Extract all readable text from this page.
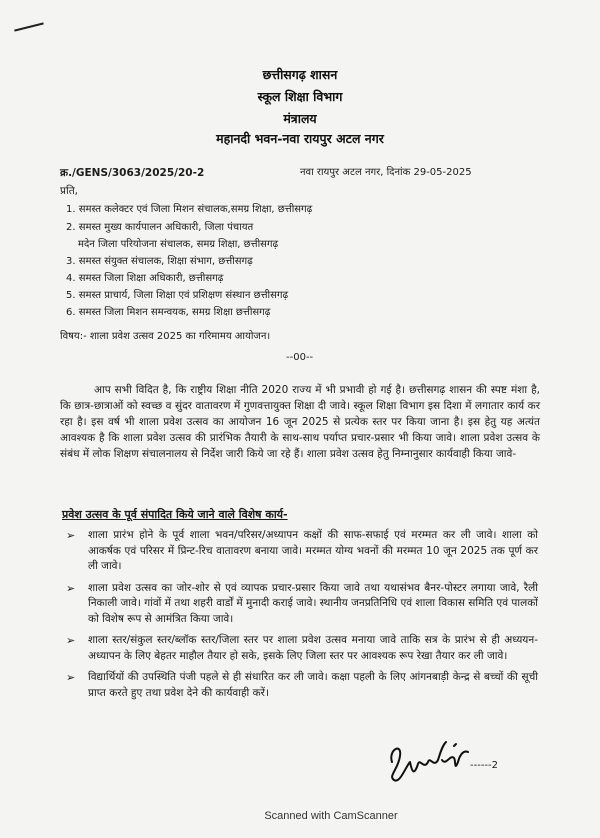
छत्तीसगढ़ शासन
स्कूल शिक्षा विभाग
मंत्रालय
महानदी भवन-नवा रायपुर अटल नगर
क्र./GENS/3063/2025/20-2	नवा रायपुर अटल नगर, दिनांक 29-05-2025
प्रति,
1. समस्त कलेक्टर एवं जिला मिशन संचालक,समग्र शिक्षा, छत्तीसगढ़
2. समस्त मुख्य कार्यपालन अधिकारी, जिला पंचायत
मदेन जिला परियोजना संचालक, समग्र शिक्षा, छत्तीसगढ़
3. समस्त संयुक्त संचालक, शिक्षा संभाग, छत्तीसगढ़
4. समस्त जिला शिक्षा अधिकारी, छत्तीसगढ़
5. समस्त प्राचार्य, जिला शिक्षा एवं प्रशिक्षण संस्थान छत्तीसगढ़
6. समस्त जिला मिशन समन्वयक, समग्र शिक्षा छत्तीसगढ़
विषय:- शाला प्रवेश उत्सव 2025 का गरिमामय आयोजन।
--00--
आप सभी विदित है, कि राष्ट्रीय शिक्षा नीति 2020 राज्य में भी प्रभावी हो गई है। छत्तीसगढ़ शासन की स्पष्ट मंशा है, कि छात्र-छात्राओं को स्वच्छ व सुंदर वातावरण में गुणवत्तायुक्त शिक्षा दी जावे। स्कूल शिक्षा विभाग इस दिशा में लगातार कार्य कर रहा है। इस वर्ष भी शाला प्रवेश उत्सव का आयोजन 16 जून 2025 से प्रत्येक स्तर पर किया जाना है। इस हेतु यह अत्यंत आवश्यक है कि शाला प्रवेश उत्सव की प्रारंभिक तैयारी के साथ-साथ पर्याप्त प्रचार-प्रसार भी किया जावे। शाला प्रवेश उत्सव के संबंध में लोक शिक्षण संचालनालय से निर्देश जारी किये जा रहे हैं। शाला प्रवेश उत्सव हेतु निम्नानुसार कार्यवाही किया जावे-
प्रवेश उत्सव के पूर्व संपादित किये जाने वाले विशेष कार्य-
➢ शाला प्रारंभ होने के पूर्व शाला भवन/परिसर/अध्यापन कक्षों की साफ-सफाई एवं मरम्मत कर ली जावे। शाला को आकर्षक एवं परिसर में प्रिन्ट-रिच वातावरण बनाया जावे। मरम्मत योग्य भवनों की मरम्मत 10 जून 2025 तक पूर्ण कर ली जावे।
➢ शाला प्रवेश उत्सव का जोर-शोर से एवं व्यापक प्रचार-प्रसार किया जावे तथा यथासंभव बैनर-पोस्टर लगाया जावे, रैली निकाली जावे। गांवों में तथा शहरी वार्डों में मुनादी कराई जावे। स्थानीय जनप्रतिनिधि एवं शाला विकास समिति एवं पालकों को विशेष रूप से आमंत्रित किया जावे।
➢ शाला स्तर/संकुल स्तर/ब्लॉक स्तर/जिला स्तर पर शाला प्रवेश उत्सव मनाया जावे ताकि सत्र के प्रारंभ से ही अध्ययन-अध्यापन के लिए बेहतर माहौल तैयार हो सके, इसके लिए जिला स्तर पर आवश्यक रूप रेखा तैयार कर ली जावे।
➢ विद्यार्थियों की उपस्थिति पंजी पहले से ही संधारित कर ली जावे। कक्षा पहली के लिए आंगनबाड़ी केन्द्र से बच्चों की सूची प्राप्त करते हुए तथा प्रवेश देने की कार्यवाही करें।
------2
Scanned with CamScanner
